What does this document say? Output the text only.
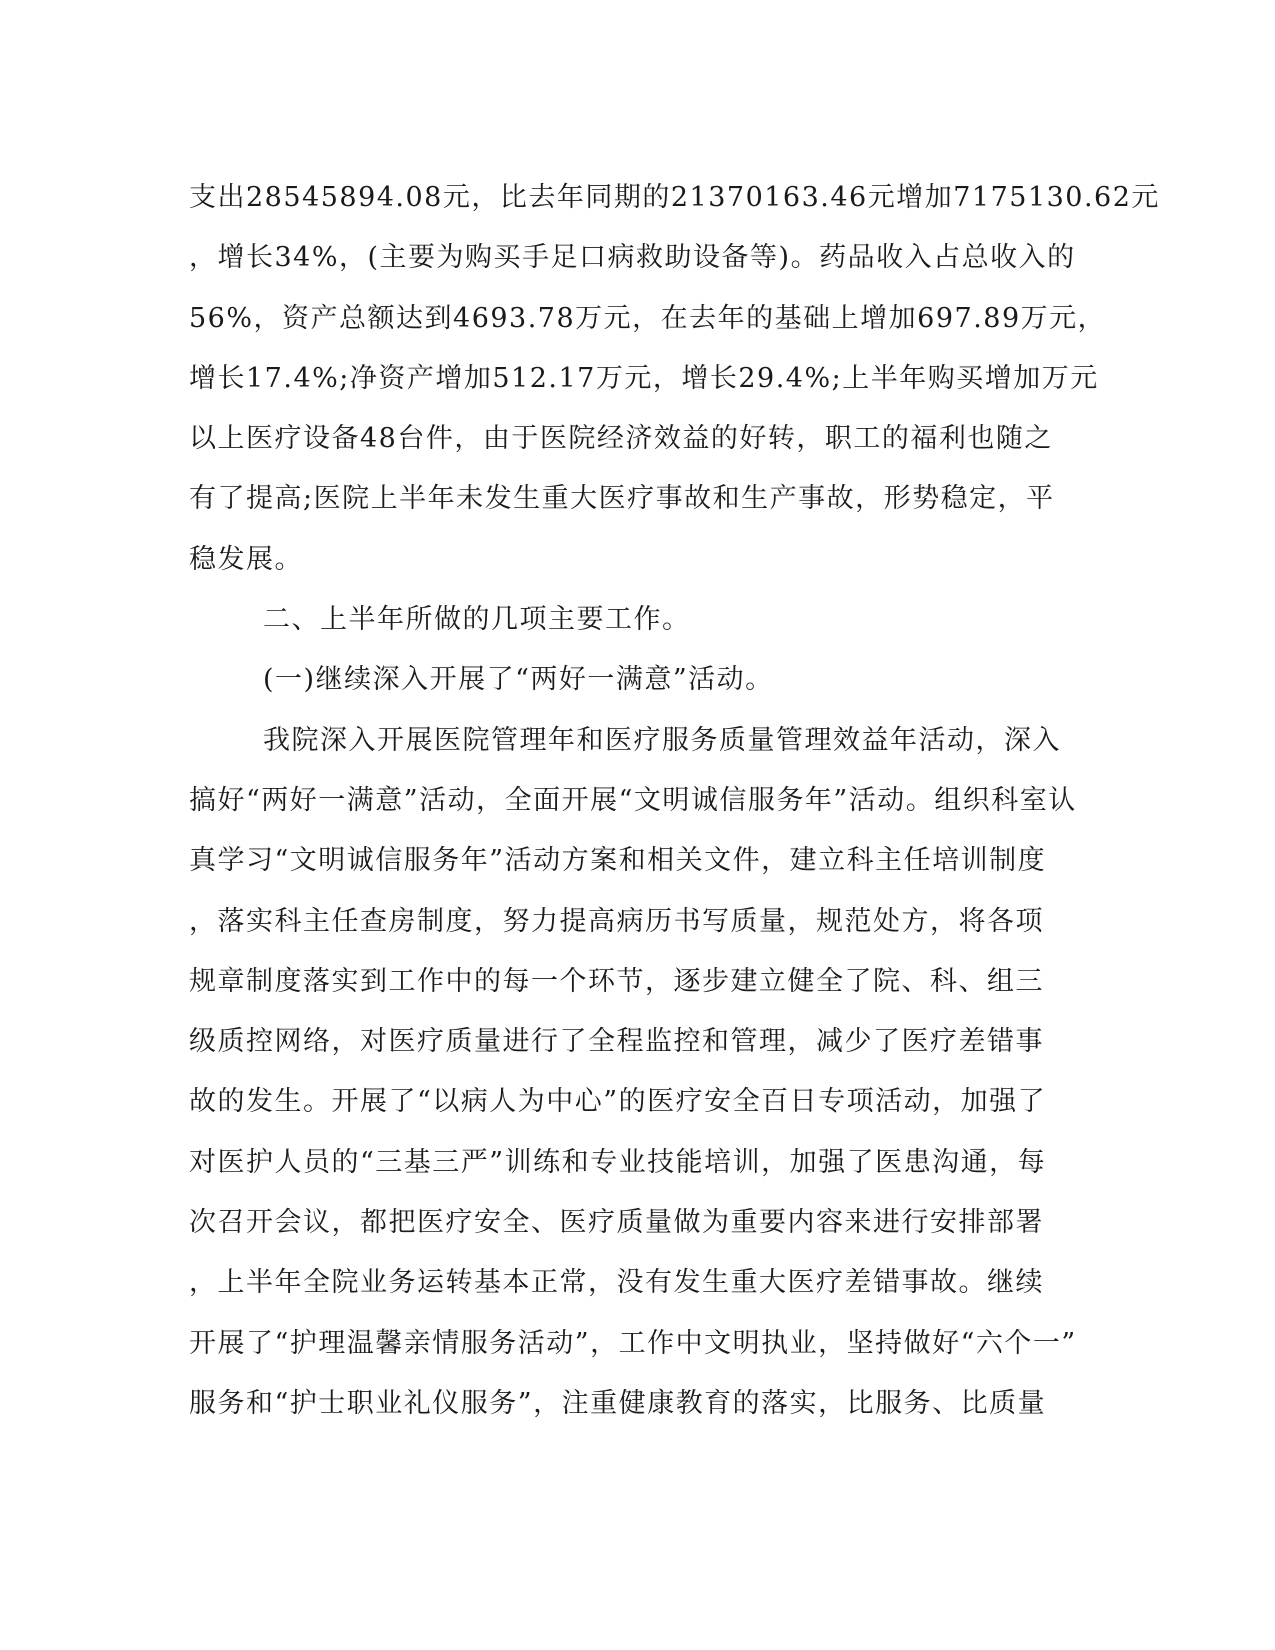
支出28545894.08元，比去年同期的21370163.46元增加7175130.62元
，增长34%，(主要为购买手足口病救助设备等)。药品收入占总收入的
56%，资产总额达到4693.78万元，在去年的基础上增加697.89万元，
增长17.4%;净资产增加512.17万元，增长29.4%;上半年购买增加万元
以上医疗设备48台件，由于医院经济效益的好转，职工的福利也随之
有了提高;医院上半年未发生重大医疗事故和生产事故，形势稳定，平
稳发展。
二、上半年所做的几项主要工作。
(一)继续深入开展了“两好一满意”活动。
我院深入开展医院管理年和医疗服务质量管理效益年活动，深入
搞好“两好一满意”活动，全面开展“文明诚信服务年”活动。组织科室认
真学习“文明诚信服务年”活动方案和相关文件，建立科主任培训制度
，落实科主任查房制度，努力提高病历书写质量，规范处方，将各项
规章制度落实到工作中的每一个环节，逐步建立健全了院、科、组三
级质控网络，对医疗质量进行了全程监控和管理，减少了医疗差错事
故的发生。开展了“以病人为中心”的医疗安全百日专项活动，加强了
对医护人员的“三基三严”训练和专业技能培训，加强了医患沟通，每
次召开会议，都把医疗安全、医疗质量做为重要内容来进行安排部署
，上半年全院业务运转基本正常，没有发生重大医疗差错事故。继续
开展了“护理温馨亲情服务活动”，工作中文明执业，坚持做好“六个一”
服务和“护士职业礼仪服务”，注重健康教育的落实，比服务、比质量
